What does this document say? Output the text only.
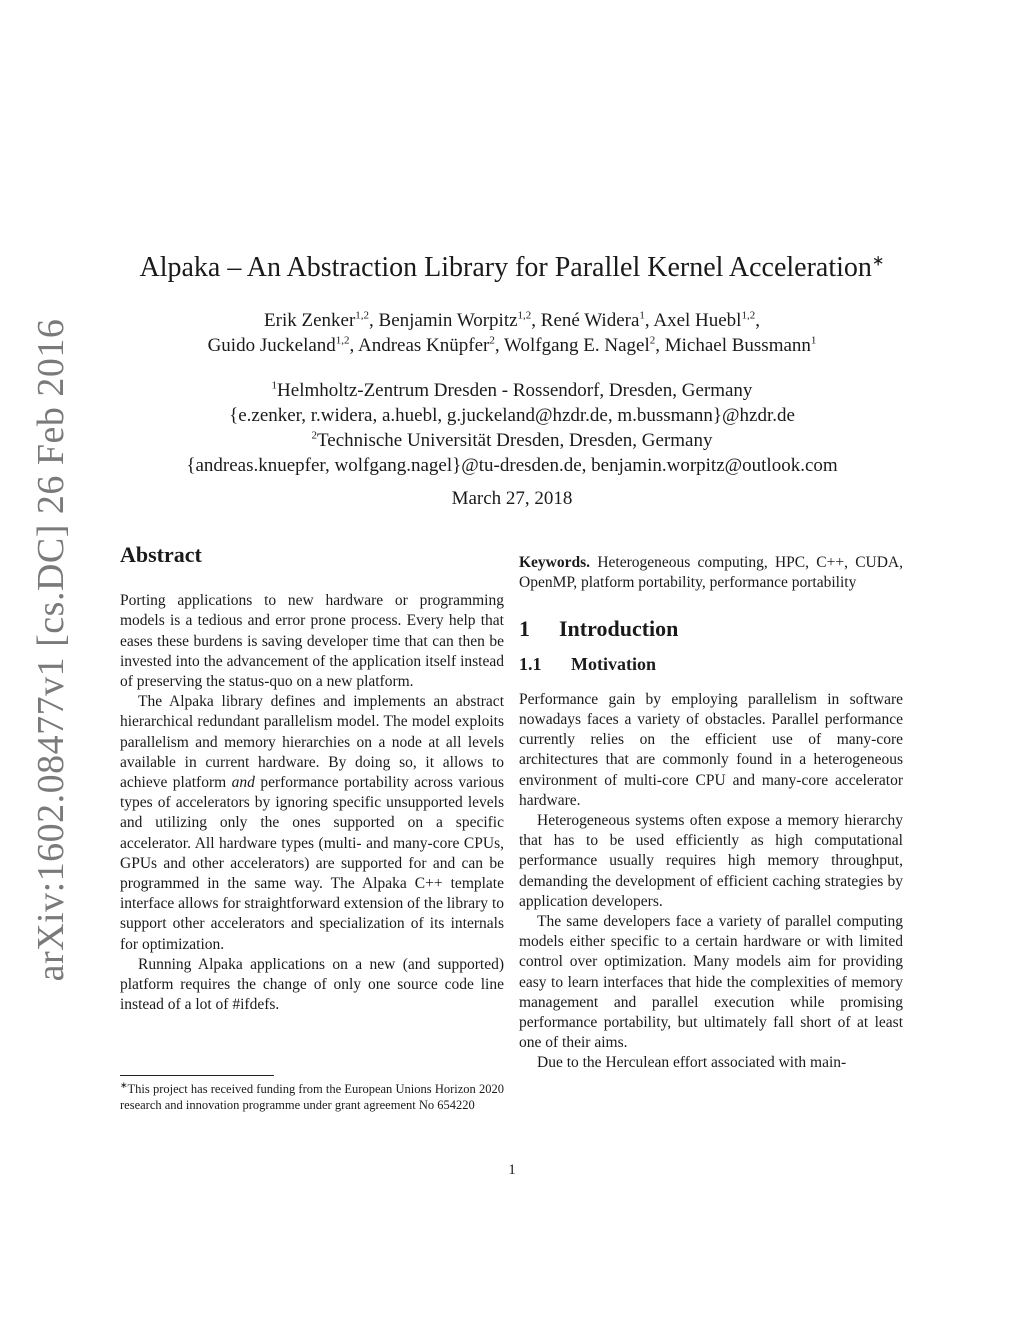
arXiv:1602.08477v1 [cs.DC] 26 Feb 2016
Alpaka – An Abstraction Library for Parallel Kernel Acceleration∗
Erik Zenker$^{1,2}$, Benjamin Worpitz$^{1,2}$, René Widera$^1$, Axel Huebl$^{1,2}$,
Guido Juckeland$^{1,2}$, Andreas Knüpfer$^2$, Wolfgang E. Nagel$^2$, Michael Bussmann$^1$
$^1$Helmholtz-Zentrum Dresden - Rossendorf, Dresden, Germany
{e.zenker, r.widera, a.huebl, g.juckeland@hzdr.de, m.bussmann}@hzdr.de
$^2$Technische Universität Dresden, Dresden, Germany
{andreas.knuepfer, wolfgang.nagel}@tu-dresden.de, benjamin.worpitz@outlook.com
March 27, 2018
Abstract

Porting applications to new hardware or programming models is a tedious and error prone process. Every help that eases these burdens is saving developer time that can then be invested into the advancement of the application itself instead of preserving the status-quo on a new platform.

The Alpaka library defines and implements an abstract hierarchical redundant parallelism model. The model exploits parallelism and memory hierarchies on a node at all levels available in current hardware. By doing so, it allows to achieve platform and performance portability across various types of accelerators by ignoring specific unsupported levels and utilizing only the ones supported on a specific accelerator. All hardware types (multi- and many-core CPUs, GPUs and other accelerators) are supported for and can be programmed in the same way. The Alpaka C++ template interface allows for straightforward extension of the library to support other accelerators and specialization of its internals for optimization.

Running Alpaka applications on a new (and supported) platform requires the change of only one source code line instead of a lot of #ifdefs.

∗This project has received funding from the European Unions Horizon 2020 research and innovation programme under grant agreement No 654220

Keywords. Heterogeneous computing, HPC, C++, CUDA, OpenMP, platform portability, performance portability

1 Introduction
1.1 Motivation

Performance gain by employing parallelism in software nowadays faces a variety of obstacles. Parallel performance currently relies on the efficient use of many-core architectures that are commonly found in a heterogeneous environment of multi-core CPU and many-core accelerator hardware.

Heterogeneous systems often expose a memory hierarchy that has to be used efficiently as high computational performance usually requires high memory throughput, demanding the development of efficient caching strategies by application developers.

The same developers face a variety of parallel computing models either specific to a certain hardware or with limited control over optimization. Many models aim for providing easy to learn interfaces that hide the complexities of memory management and parallel execution while promising performance portability, but ultimately fall short of at least one of their aims.

Due to the Herculean effort associated with main-

1
